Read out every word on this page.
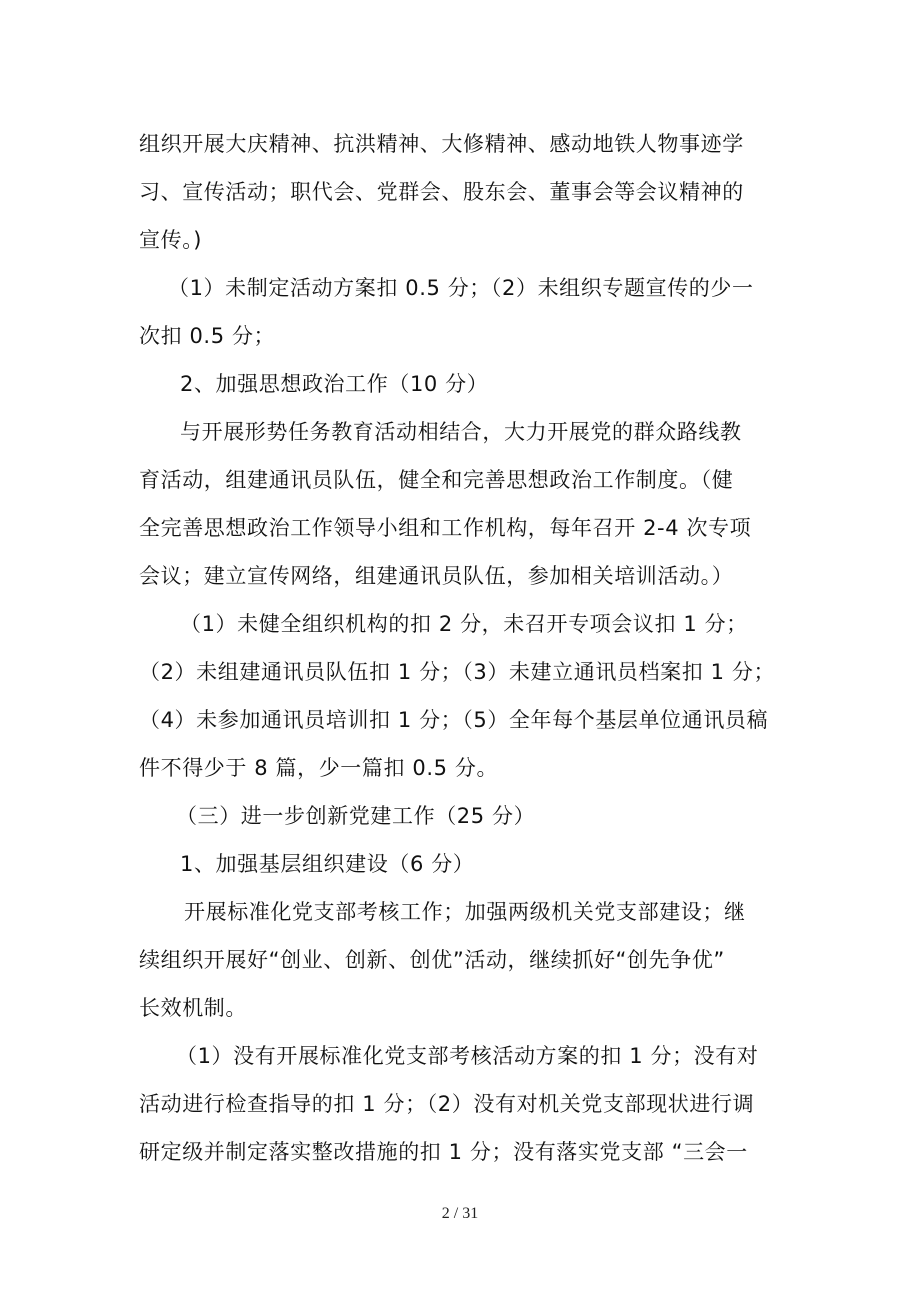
组织开展大庆精神、抗洪精神、大修精神、感动地铁人物事迹学
习、宣传活动；职代会、党群会、股东会、董事会等会议精神的
宣传。)
（1）未制定活动方案扣 0.5 分；（2）未组织专题宣传的少一
次扣 0.5 分；
2、加强思想政治工作（10 分）
与开展形势任务教育活动相结合，大力开展党的群众路线教
育活动，组建通讯员队伍，健全和完善思想政治工作制度。（健
全完善思想政治工作领导小组和工作机构，每年召开 2-4 次专项
会议；建立宣传网络，组建通讯员队伍，参加相关培训活动。）
（1）未健全组织机构的扣 2 分，未召开专项会议扣 1 分；
（2）未组建通讯员队伍扣 1 分；（3）未建立通讯员档案扣 1 分；
（4）未参加通讯员培训扣 1 分；（5）全年每个基层单位通讯员稿
件不得少于 8 篇，少一篇扣 0.5 分。
（三）进一步创新党建工作（25 分）
1、加强基层组织建设（6 分）
开展标准化党支部考核工作；加强两级机关党支部建设；继
续组织开展好“创业、创新、创优”活动，继续抓好“创先争优”
长效机制。
（1）没有开展标准化党支部考核活动方案的扣 1 分；没有对
活动进行检查指导的扣 1 分；（2）没有对机关党支部现状进行调
研定级并制定落实整改措施的扣 1 分；没有落实党支部 “三会一
2 / 31
